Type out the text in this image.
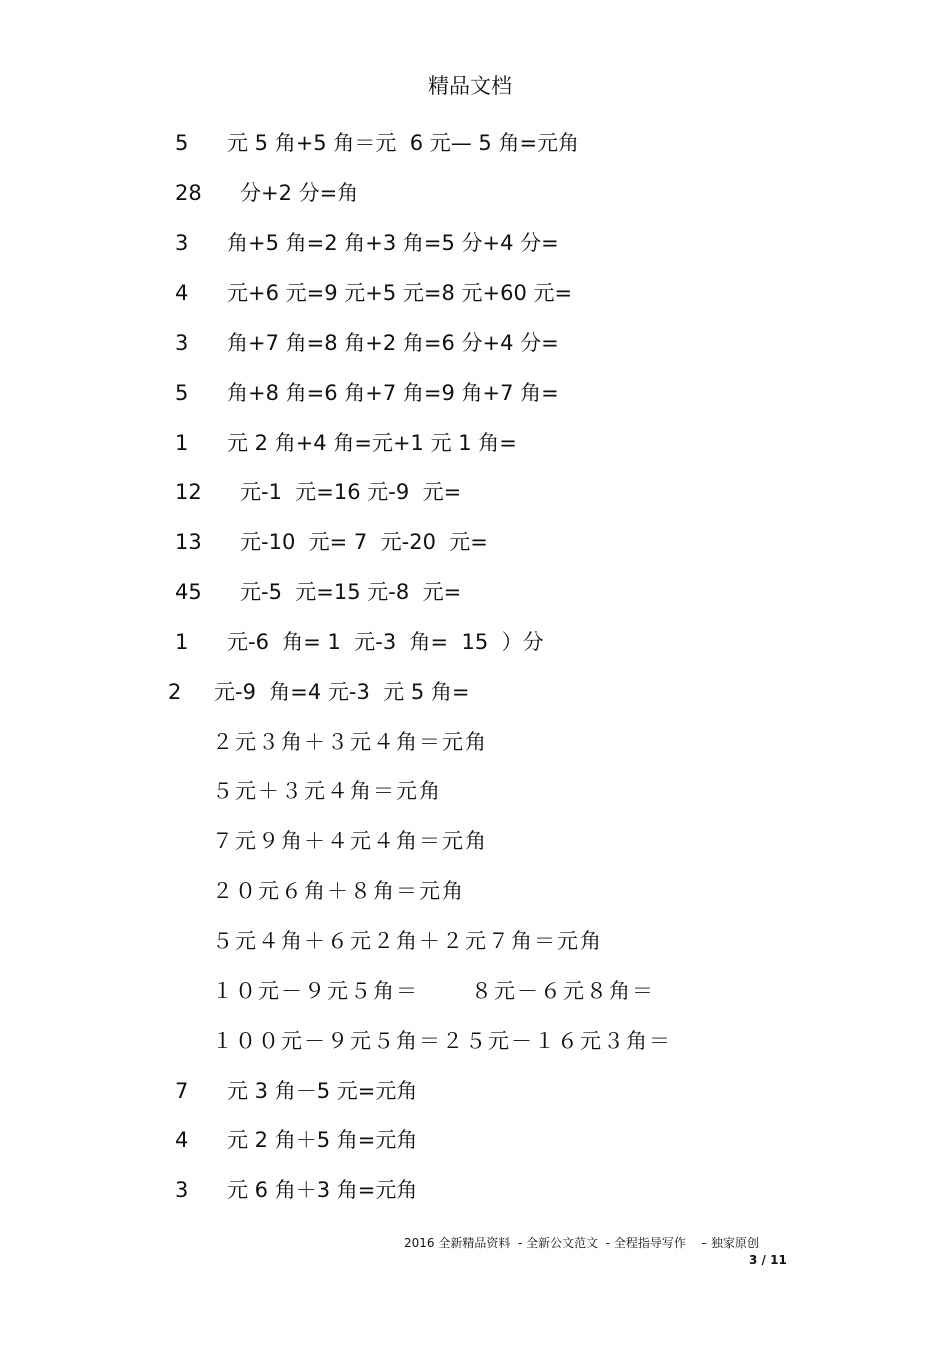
精品文档
5 元 5 角+5 角＝元  6 元— 5 角=元角
28 分+2 分=角
3 角+5 角=2 角+3 角=5 分+4 分=
4 元+6 元=9 元+5 元=8 元+60 元=
3 角+7 角=8 角+2 角=6 分+4 分=
5 角+8 角=6 角+7 角=9 角+7 角=
1 元 2 角+4 角=元+1 元 1 角=
12 元-1  元=16 元-9  元=
13 元-10  元= 7  元-20  元=
45 元-5  元=15 元-8  元=
1 元-6  角= 1  元-3  角=  15  ）分
2 元-9  角=4 元-3  元 5 角=
２元３角＋３元４角＝元角
５元＋３元４角＝元角
７元９角＋４元４角＝元角
２０元６角＋８角＝元角
５元４角＋６元２角＋２元７角＝元角
１０元－９元５角＝      ８元－６元８角＝
１００元－９元５角＝２５元－１６元３角＝
7 元 3 角－5 元=元角
4 元 2 角＋5 角=元角
3 元 6 角＋3 角=元角
2016 全新精品资料  - 全新公文范文  - 全程指导写作    – 独家原创
3 / 11
